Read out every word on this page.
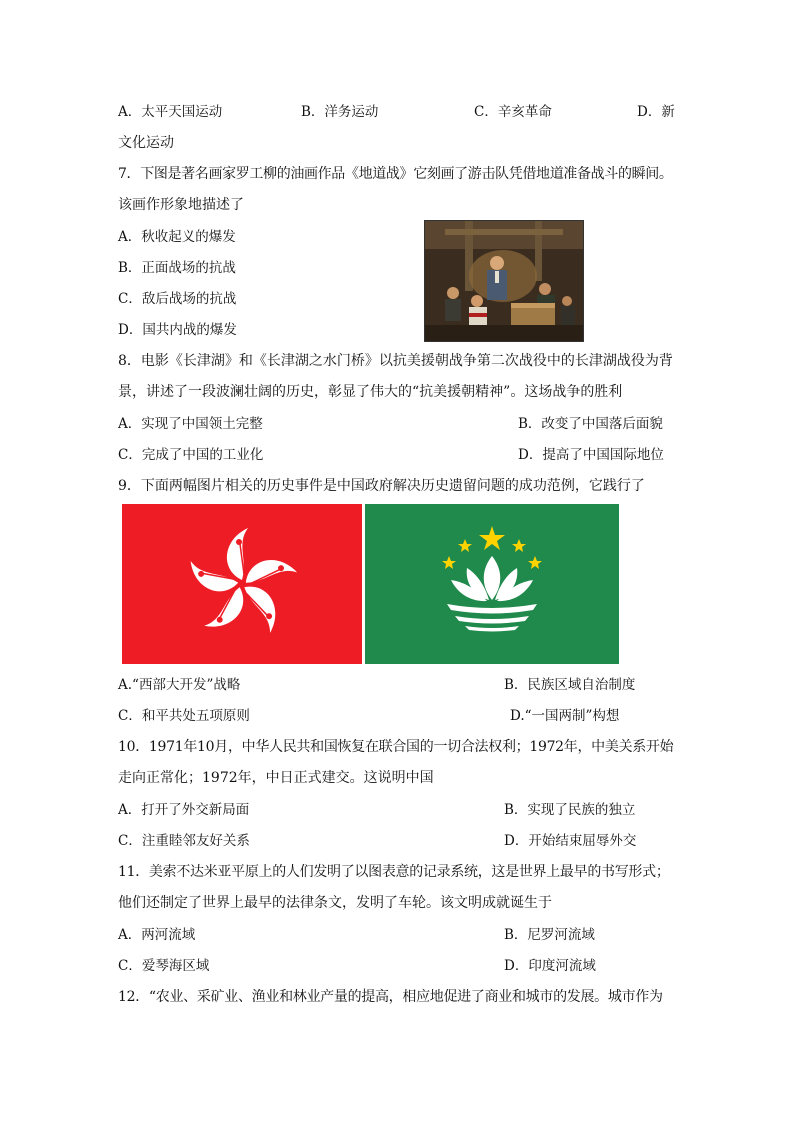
A．太平天国运动	B．洋务运动	C．辛亥革命	D．新
文化运动
7．下图是著名画家罗工柳的油画作品《地道战》它刻画了游击队凭借地道准备战斗的瞬间。
该画作形象地描述了
A．秋收起义的爆发
B．正面战场的抗战
C．敌后战场的抗战
D．国共内战的爆发
8．电影《长津湖》和《长津湖之水门桥》以抗美援朝战争第二次战役中的长津湖战役为背
景，讲述了一段波澜壮阔的历史，彰显了伟大的“抗美援朝精神”。这场战争的胜利
A．实现了中国领土完整	B．改变了中国落后面貌
C．完成了中国的工业化	D．提高了中国国际地位
9．下面两幅图片相关的历史事件是中国政府解决历史遗留问题的成功范例，它践行了
A.“西部大开发”战略	B．民族区域自治制度
C．和平共处五项原则	D.“一国两制”构想
10．1971年10月，中华人民共和国恢复在联合国的一切合法权利；1972年，中美关系开始
走向正常化；1972年，中日正式建交。这说明中国
A．打开了外交新局面	B．实现了民族的独立
C．注重睦邻友好关系	D．开始结束屈辱外交
11．美索不达米亚平原上的人们发明了以图表意的记录系统，这是世界上最早的书写形式；
他们还制定了世界上最早的法律条文，发明了车轮。该文明成就诞生于
A．两河流域	B．尼罗河流域
C．爱琴海区域	D．印度河流域
12．“农业、采矿业、渔业和林业产量的提高，相应地促进了商业和城市的发展。城市作为
